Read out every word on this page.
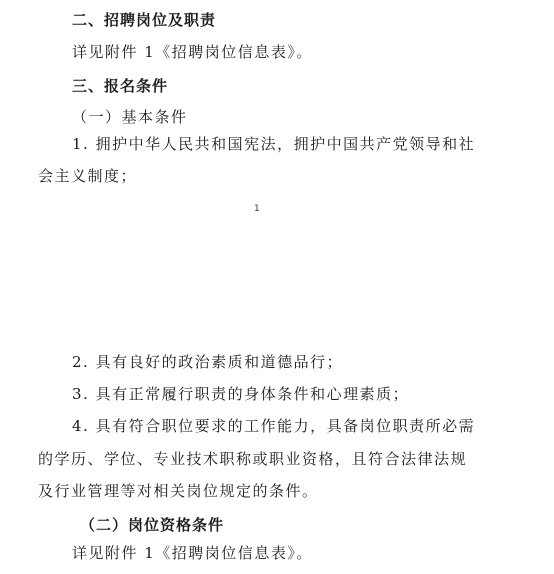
二、招聘岗位及职责
详见附件 1《招聘岗位信息表》。
三、报名条件
（一）基本条件
1. 拥护中华人民共和国宪法，拥护中国共产党领导和社
会主义制度；
1
2. 具有良好的政治素质和道德品行；
3. 具有正常履行职责的身体条件和心理素质；
4. 具有符合职位要求的工作能力，具备岗位职责所必需
的学历、学位、专业技术职称或职业资格，且符合法律法规
及行业管理等对相关岗位规定的条件。
（二）岗位资格条件
详见附件 1《招聘岗位信息表》。
